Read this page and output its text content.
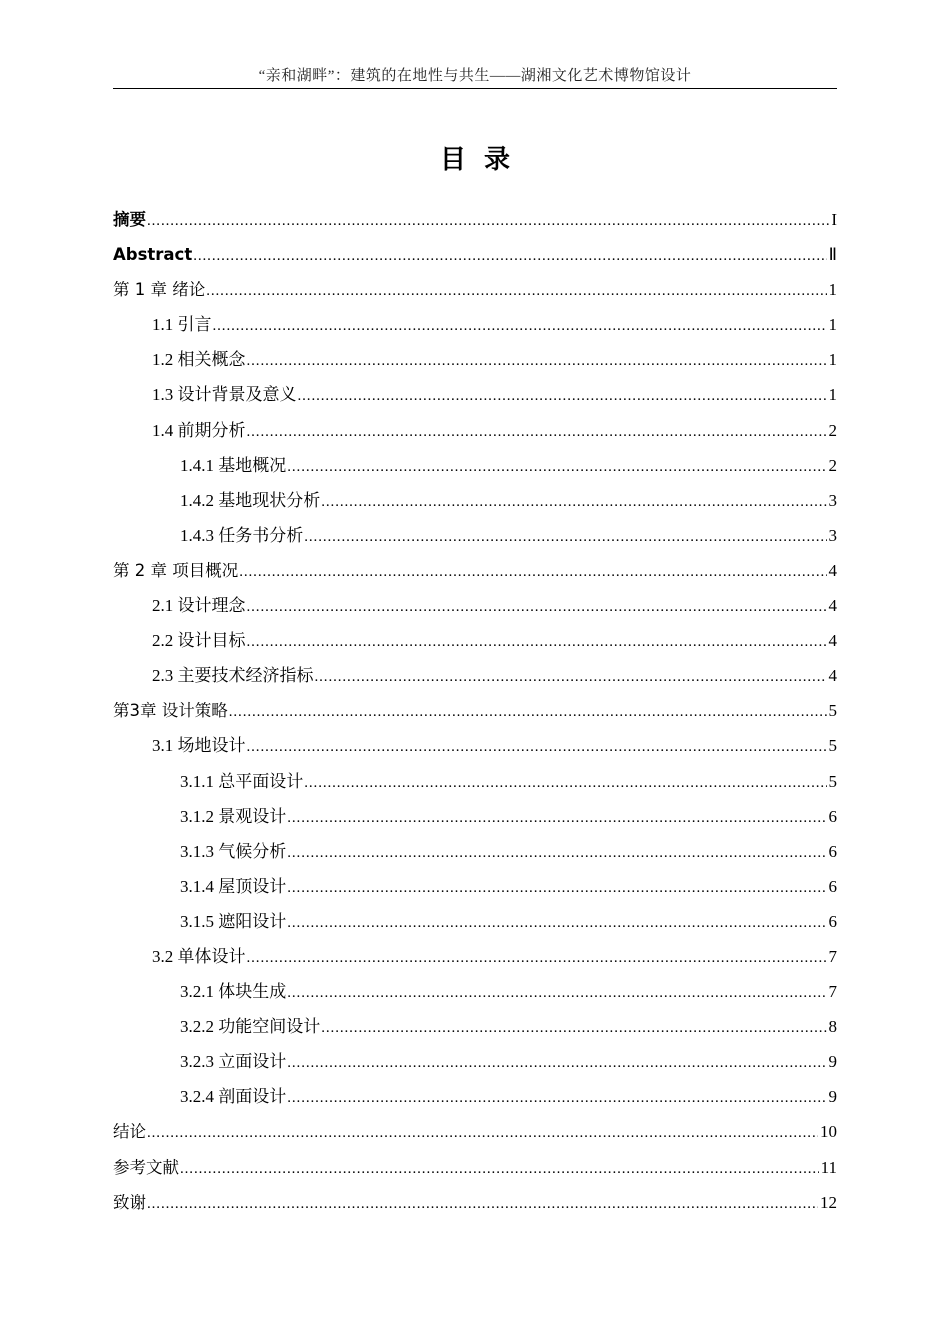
“亲和湖畔”：建筑的在地性与共生——湖湘文化艺术博物馆设计
目  录
摘要 .....	I
Abstract .....	Ⅱ
第 1 章 绪论 .....	1
1.1 引言 .....	1
1.2 相关概念 .....	1
1.3 设计背景及意义 .....	1
1.4 前期分析 .....	2
1.4.1 基地概况 .....	2
1.4.2 基地现状分析 .....	3
1.4.3 任务书分析 .....	3
第 2 章 项目概况 .....	4
2.1 设计理念 .....	4
2.2 设计目标 .....	4
2.3 主要技术经济指标 .....	4
第3章 设计策略 .....	5
3.1 场地设计 .....	5
3.1.1 总平面设计 .....	5
3.1.2 景观设计 .....	6
3.1.3 气候分析 .....	6
3.1.4 屋顶设计 .....	6
3.1.5 遮阳设计 .....	6
3.2 单体设计 .....	7
3.2.1 体块生成 .....	7
3.2.2 功能空间设计 .....	8
3.2.3 立面设计 .....	9
3.2.4 剖面设计 .....	9
结论 .....	10
参考文献 .....	11
致谢 .....	12
